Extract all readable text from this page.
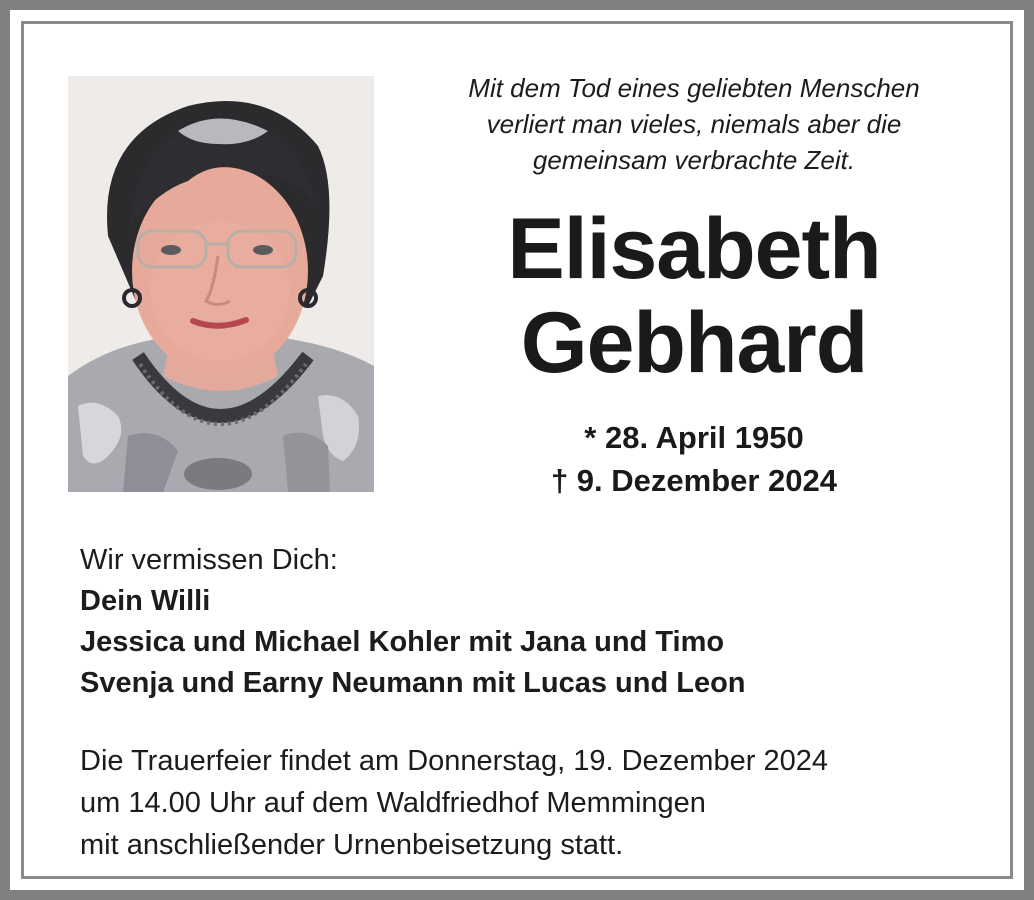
Mit dem Tod eines geliebten Menschen
verliert man vieles, niemals aber die
gemeinsam verbrachte Zeit.
Elisabeth
Gebhard
* 28. April 1950
† 9. Dezember 2024
Wir vermissen Dich:
Dein Willi
Jessica und Michael Kohler mit Jana und Timo
Svenja und Earny Neumann mit Lucas und Leon
Die Trauerfeier findet am Donnerstag, 19. Dezember 2024
um 14.00 Uhr auf dem Waldfriedhof Memmingen
mit anschließender Urnenbeisetzung statt.
